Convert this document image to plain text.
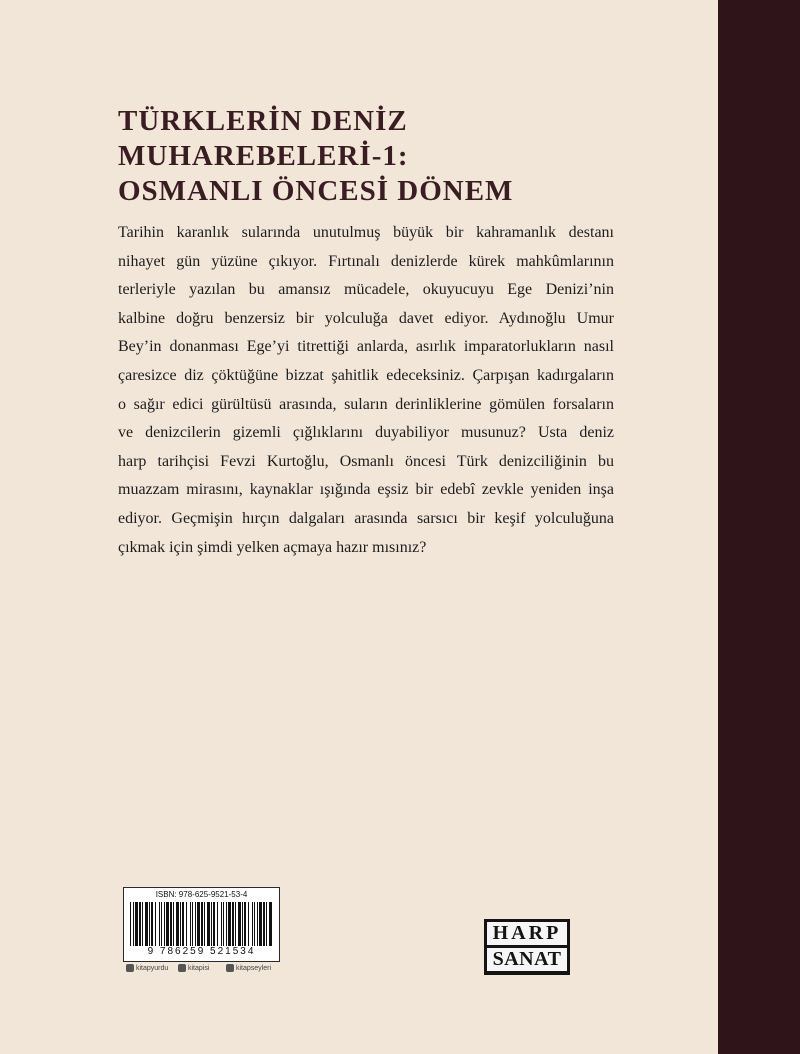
TÜRKLERİN DENİZ
MUHAREBELERİ-1:
OSMANLI ÖNCESİ DÖNEM

Tarihin karanlık sularında unutulmuş büyük bir kahramanlık destanı
nihayet gün yüzüne çıkıyor. Fırtınalı denizlerde kürek mahkûmlarının
terleriyle yazılan bu amansız mücadele, okuyucuyu Ege Denizi’nin
kalbine doğru benzersiz bir yolculuğa davet ediyor. Aydınoğlu Umur
Bey’in donanması Ege’yi titrettiği anlarda, asırlık imparatorlukların nasıl
çaresizce diz çöktüğüne bizzat şahitlik edeceksiniz. Çarpışan kadırgaların
o sağır edici gürültüsü arasında, suların derinliklerine gömülen forsaların
ve denizcilerin gizemli çığlıklarını duyabiliyor musunuz? Usta deniz
harp tarihçisi Fevzi Kurtoğlu, Osmanlı öncesi Türk denizciliğinin bu
muazzam mirasını, kaynaklar ışığında eşsiz bir edebî zevkle yeniden inşa
ediyor. Geçmişin hırçın dalgaları arasında sarsıcı bir keşif yolculuğuna
çıkmak için şimdi yelken açmaya hazır mısınız?

ISBN: 978-625-9521-53-4
9 786259 521534
kitapyurdu	kitapisi	kitapseyleri
HARP
SANAT
